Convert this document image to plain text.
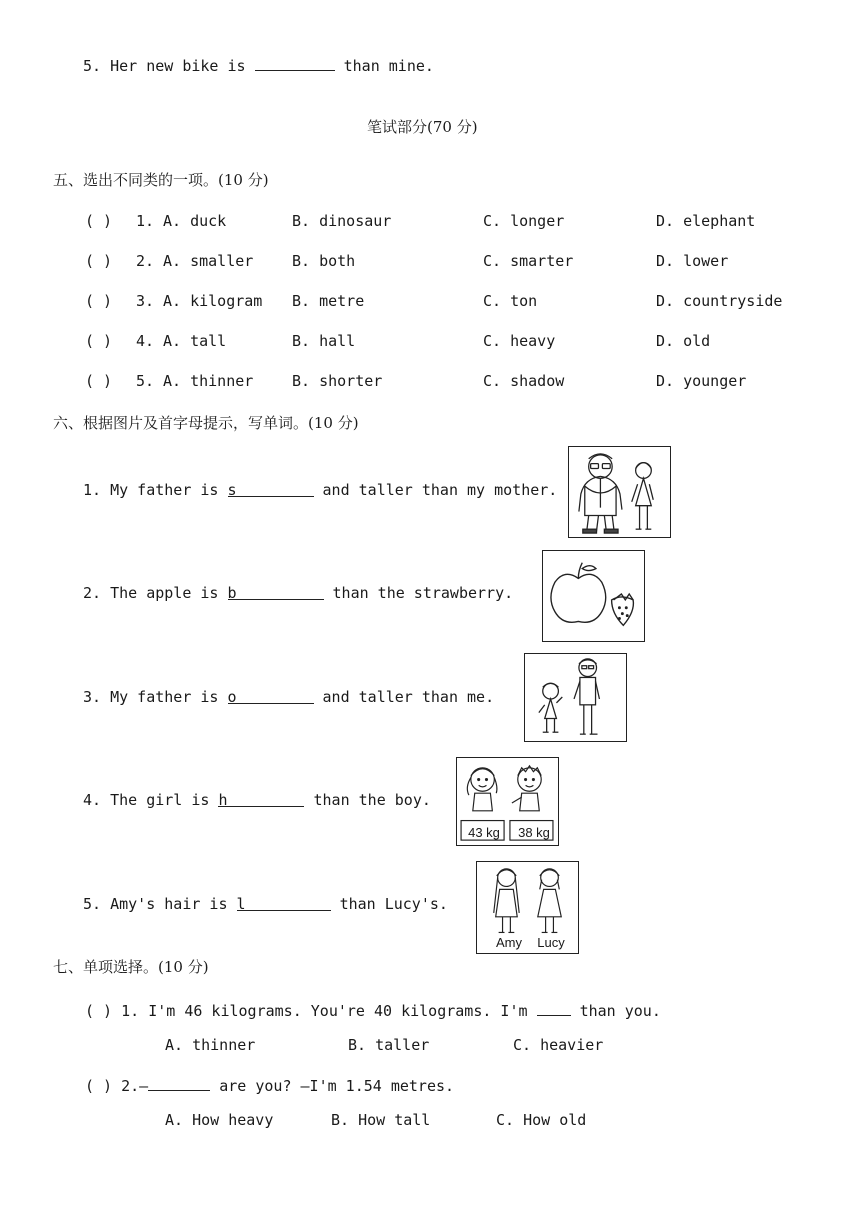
5. Her new bike is	than mine.
笔试部分(70 分)
五、选出不同类的一项。(10 分)
( ) 1. A. duck	B. dinosaur	C. longer	D. elephant
( ) 2. A. smaller	B. both	C. smarter	D. lower
( ) 3. A. kilogram B. metre	C. ton	D. countryside
( ) 4. A. tall	B. hall	C. heavy	D. old
( ) 5. A. thinner	B. shorter	C. shadow	D. younger
六、根据图片及首字母提示，写单词。(10 分)
1. My father is s	and taller than my mother.
2. The apple is b	than the strawberry.
3. My father is o	and taller than me.
4. The girl is h	than the boy.
5. Amy's hair is l	than Lucy's.
43 kg	38 kg
Amy	Lucy
七、单项选择。(10 分)
( ) 1. I'm 46 kilograms. You're 40 kilograms. I'm	than you.
A. thinner	B. taller	C. heavier
( ) 2.—	are you? —I'm 1.54 metres.
A. How heavy	B. How tall	C. How old
